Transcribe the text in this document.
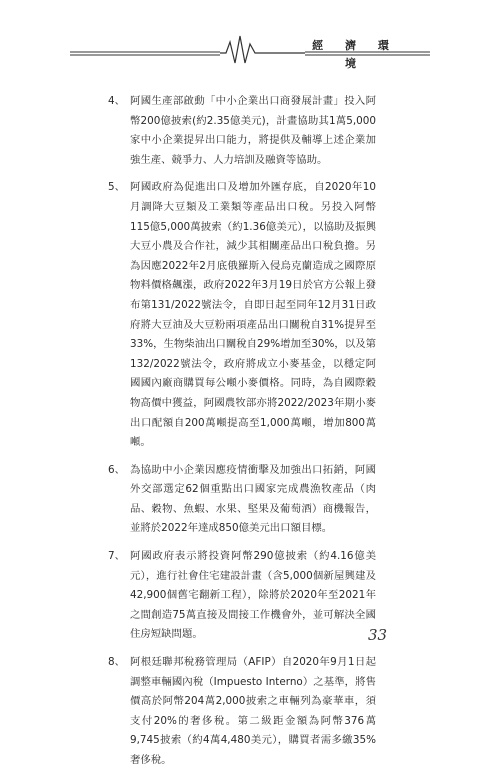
經 濟 環 境
4、 阿國生產部啟動「中小企業出口商發展計畫」投入阿幣200億披索(約2.35億美元)，計畫協助其1萬5,000家中小企業提昇出口能力，將提供及輔導上述企業加強生產、競爭力、人力培訓及融資等協助。
5、 阿國政府為促進出口及增加外匯存底，自2020年10月調降大豆類及工業類等產品出口稅。另投入阿幣115億5,000萬披索（約1.36億美元），以協助及振興大豆小農及合作社，減少其相關產品出口稅負擔。另為因應2022年2月底俄羅斯入侵烏克蘭造成之國際原物料價格飆漲，政府2022年3月19日於官方公報上發布第131/2022號法令，自即日起至同年12月31日政府將大豆油及大豆粉兩項產品出口關稅自31%提昇至33%，生物柴油出口關稅自29%增加至30%，以及第132/2022號法令，政府將成立小麥基金，以穩定阿國國內廠商購買每公噸小麥價格。同時，為自國際穀物高價中獲益，阿國農牧部亦將2022/2023年期小麥出口配額自200萬噸提高至1,000萬噸，增加800萬噸。
6、 為協助中小企業因應疫情衝擊及加強出口拓銷，阿國外交部選定62個重點出口國家完成農漁牧產品（肉品、穀物、魚蝦、水果、堅果及葡萄酒）商機報告，並將於2022年達成850億美元出口額目標。
7、 阿國政府表示將投資阿幣290億披索（約4.16億美元），進行社會住宅建設計畫（含5,000個新屋興建及42,900個舊宅翻新工程），除將於2020年至2021年之間創造75萬直接及間接工作機會外，並可解決全國住房短缺問題。
8、 阿根廷聯邦稅務管理局（AFIP）自2020年9月1日起調整車輛國內稅（Impuesto Interno）之基準，將售價高於阿幣204萬2,000披索之車輛列為豪華車，須支付20%的奢侈稅。第二級距金額為阿幣376萬9,745披索（約4萬4,480美元），購買者需多繳35%奢侈稅。
33
